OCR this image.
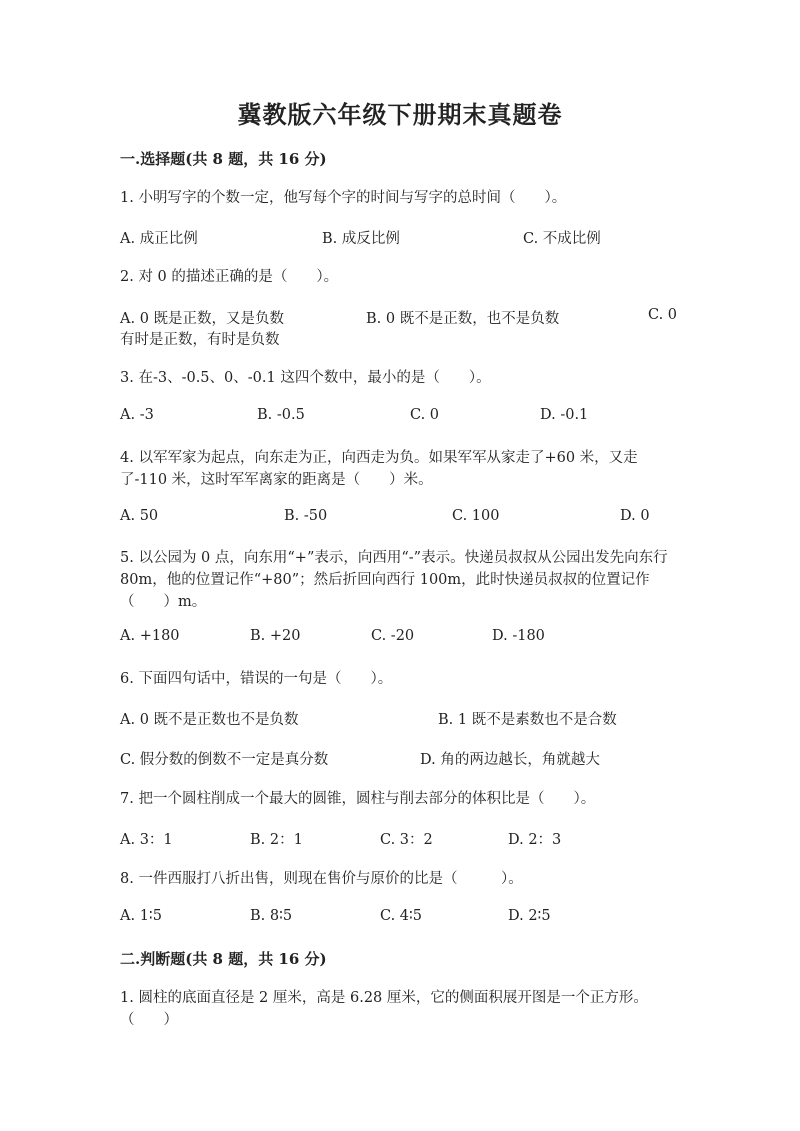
冀教版六年级下册期末真题卷
一.选择题(共 8 题，共 16 分)
1. 小明写字的个数一定，他写每个字的时间与写字的总时间（　　）。
A. 成正比例	B. 成反比例	C. 不成比例
2. 对 0 的描述正确的是（　　）。
A. 0 既是正数，又是负数	B. 0 既不是正数，也不是负数	C. 0
有时是正数，有时是负数
3. 在-3、-0.5、0、-0.1 这四个数中，最小的是（　　）。
A. -3	B. -0.5	C. 0	D. -0.1
4. 以军军家为起点，向东走为正，向西走为负。如果军军从家走了+60 米，又走了-110 米，这时军军离家的距离是（　　）米。
A. 50	B. -50	C. 100	D. 0
5. 以公园为 0 点，向东用“+”表示，向西用“-”表示。快递员叔叔从公园出发先向东行 80m，他的位置记作“+80”；然后折回向西行 100m，此时快递员叔叔的位置记作（　　）m。
A. +180	B. +20	C. -20	D. -180
6. 下面四句话中，错误的一句是（　　）。
A. 0 既不是正数也不是负数	B. 1 既不是素数也不是合数
C. 假分数的倒数不一定是真分数	D. 角的两边越长，角就越大
7. 把一个圆柱削成一个最大的圆锥，圆柱与削去部分的体积比是（　　）。
A. 3：1	B. 2：1	C. 3：2	D. 2：3
8. 一件西服打八折出售，则现在售价与原价的比是（　　　）。
A. 1∶5	B. 8∶5	C. 4∶5	D. 2∶5
二.判断题(共 8 题，共 16 分)
1. 圆柱的底面直径是 2 厘米，高是 6.28 厘米，它的侧面积展开图是一个正方形。（　　）
